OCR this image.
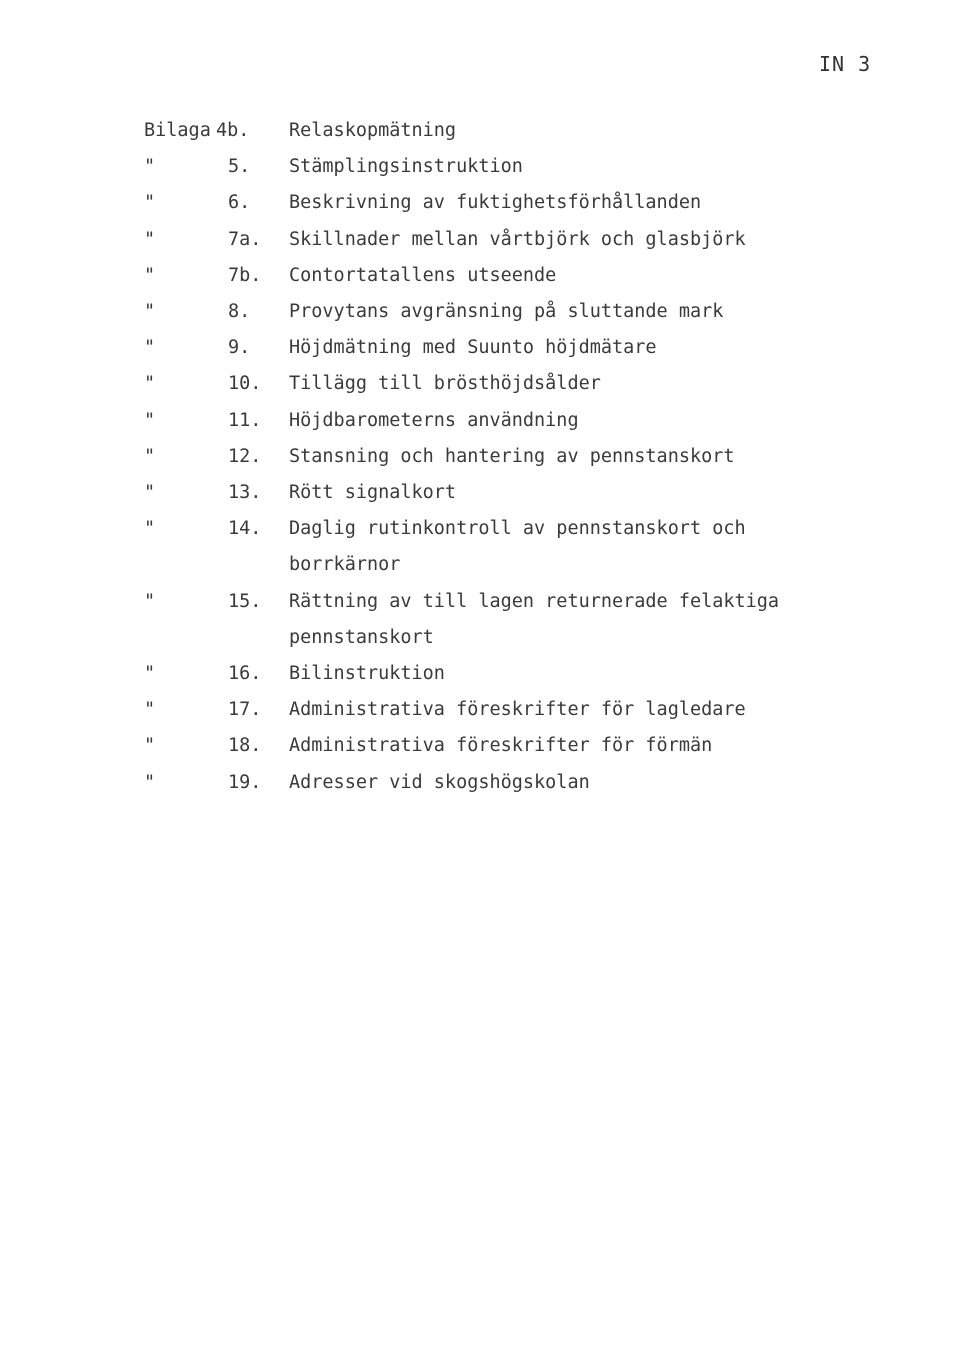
IN 3
Bilaga 4b. Relaskopmätning
"	5. Stämplingsinstruktion
"	6. Beskrivning av fuktighetsförhållanden
"	7a. Skillnader mellan vårtbjörk och glasbjörk
"	7b. Contortatallens utseende
"	8. Provytans avgränsning på sluttande mark
"	9. Höjdmätning med Suunto höjdmätare
"	10. Tillägg till brösthöjdsålder
"	11. Höjdbarometerns användning
"	12. Stansning och hantering av pennstanskort
"	13. Rött signalkort
"	14. Daglig rutinkontroll av pennstanskort och borrkärnor
"	15. Rättning av till lagen returnerade felaktiga pennstanskort
"	16. Bilinstruktion
"	17. Administrativa föreskrifter för lagledare
"	18. Administrativa föreskrifter för förmän
"	19. Adresser vid skogshögskolan
